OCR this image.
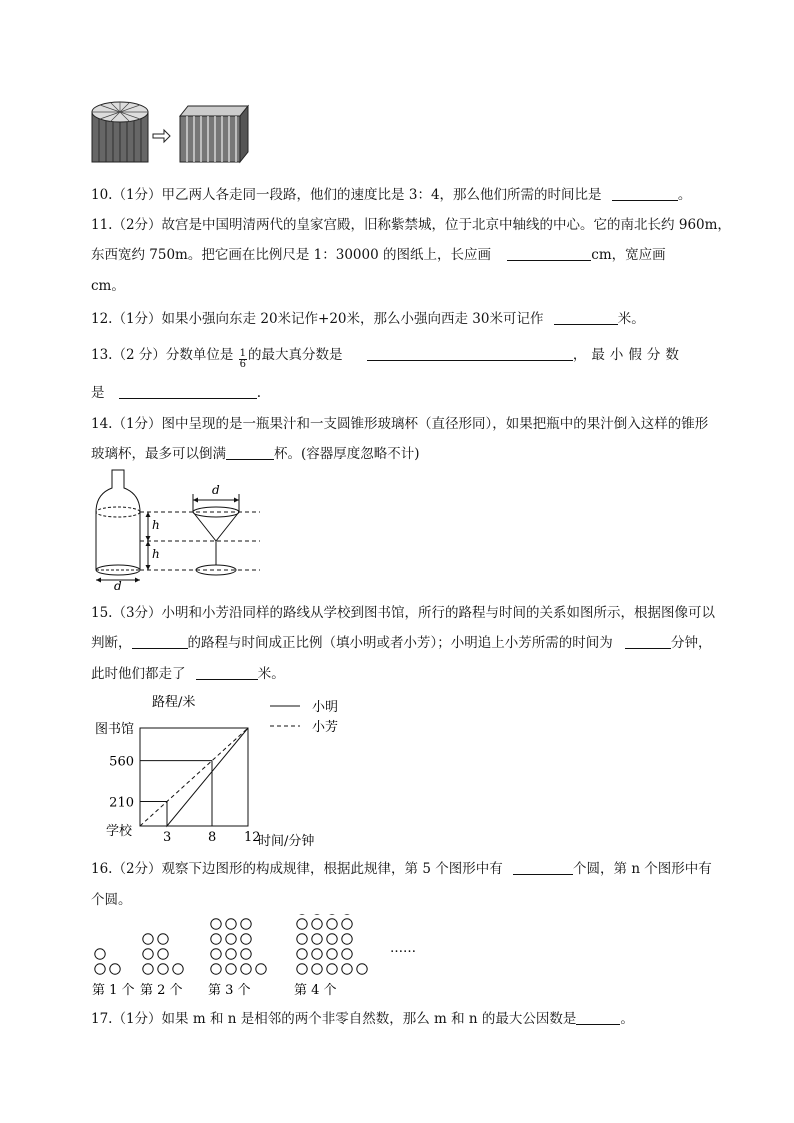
10.（1分）甲乙两人各走同一段路，他们的速度比是 3：4，那么他们所需的时间比是	。
11.（2分）故宫是中国明清两代的皇家宫殿，旧称紫禁城，位于北京中轴线的中心。它的南北长约 960m，
东西宽约 750m。把它画在比例尺是 1：30000 的图纸上，长应画	cm，宽应画
cm。
12.（1分）如果小强向东走 20米记作+20米，那么小强向西走 30米可记作	米。
13.（2 分）分数单位是 $\frac{1}{6}$ 的最大真分数是	，最小假分数
是	.
14.（1分）图中呈现的是一瓶果汁和一支圆锥形玻璃杯（直径形同），如果把瓶中的果汁倒入这样的锥形
玻璃杯，最多可以倒满	杯。(容器厚度忽略不计)
d
h
h
d
15.（3分）小明和小芳沿同样的路线从学校到图书馆，所行的路程与时间的关系如图所示，根据图像可以
判断，	的路程与时间成正比例（填小明或者小芳）；小明追上小芳所需的时间为	分钟，
此时他们都走了	米。
路程/米
时间/分钟
学校
小明
小芳
3	8 12
210
560
图书馆
16.（2分）观察下边图形的构成规律，根据此规律，第 5 个图形中有	个圆，第 n 个图形中有
个圆。
……
第 1 个 第 2 个 第 3 个	第 4 个
17.（1分）如果 m 和 n 是相邻的两个非零自然数，那么 m 和 n 的最大公因数是	。
